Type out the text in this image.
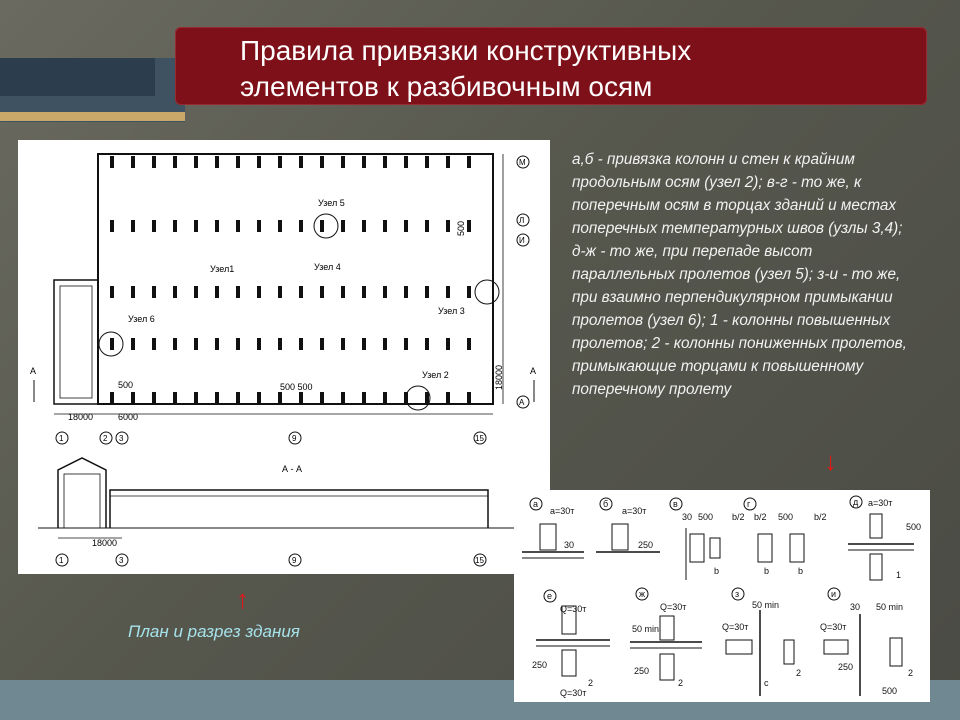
Правила привязки конструктивных
элементов к разбивочным осям
Узел 5
Узел1	Узел 4
Узел 3
Узел 6
Узел 2
500
500 500
500
18000	6000
18000
18000
М
Л
И
А
1	2 3	9	15
А	А
А - А
1	3	9	15
а,б - привязка колонн и стен к крайним продольным осям (узел 2); в-г - то же, к поперечным осям в торцах зданий и местах поперечных температурных швов (узлы 3,4); д-ж - то же, при перепаде высот параллельных пролетов (узел 5); з-и - то же, при взаимно перпендикулярном примыкании пролетов (узел 6); 1 - колонны повышенных пролетов; 2 - колонны пониженных пролетов, примыкающие торцами к повышенному поперечному пролету
↓
↑
План и разрез здания
а
а=30т
30
б
а=30т
250
в
30 500
b
г
b/2 b/2 500 b/2
b	b
д а=30т
1
500
е
Q=30т
250
Q=30т
2
ж
Q=30т
250
50 min
2
з
50 min
Q=30т
c
2
и
30 50 min
Q=30т
250
500
2
